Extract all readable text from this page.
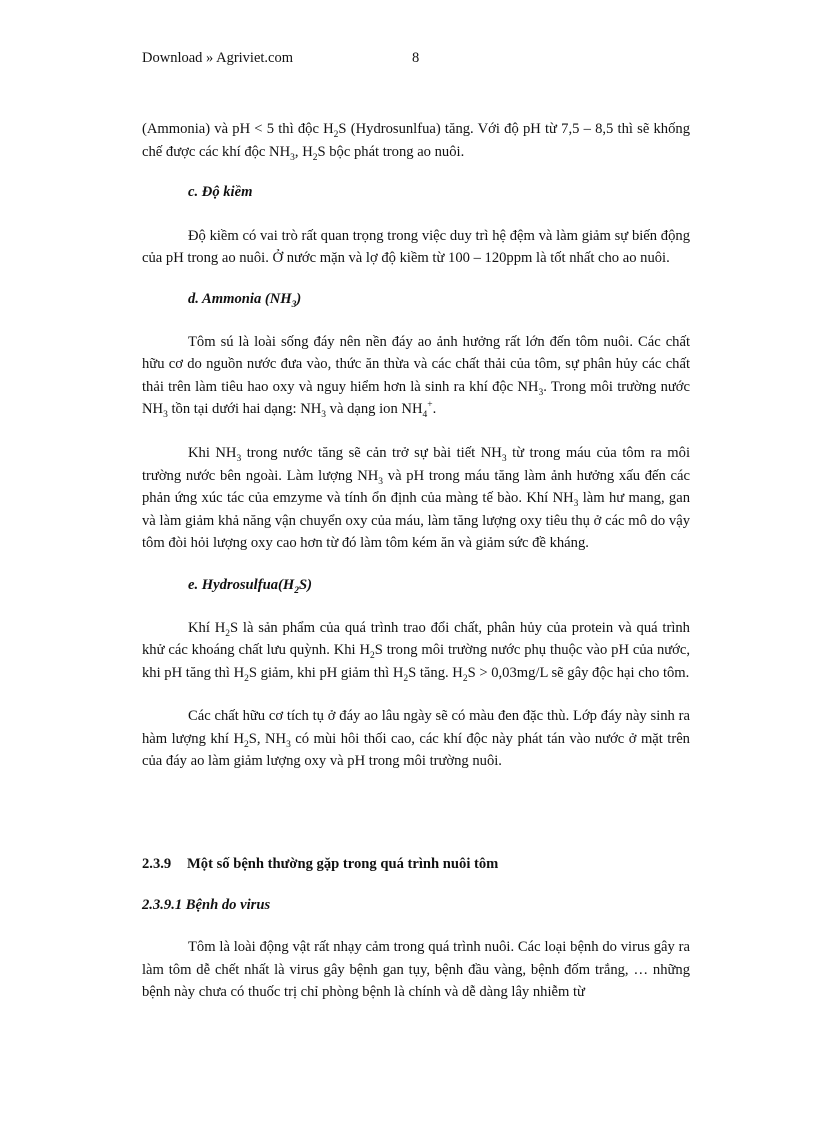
Download » Agriviet.com	8

(Ammonia) và pH < 5 thì độc $H_2S$ (Hydrosunlfua) tăng. Với độ pH từ 7,5 – 8,5 thì sẽ khống chế được các khí độc $NH_3$, $H_2S$ bộc phát trong ao nuôi.

c. Độ kiềm

Độ kiềm có vai trò rất quan trọng trong việc duy trì hệ đệm và làm giảm sự biến động của pH trong ao nuôi. Ở nước mặn và lợ độ kiềm từ 100 – 120ppm là tốt nhất cho ao nuôi.

d. Ammonia $(NH_3)$

Tôm sú là loài sống đáy nên nền đáy ao ảnh hưởng rất lớn đến tôm nuôi. Các chất hữu cơ do nguồn nước đưa vào, thức ăn thừa và các chất thải của tôm, sự phân hủy các chất thải trên làm tiêu hao oxy và nguy hiểm hơn là sinh ra khí độc $NH_3$. Trong môi trường nước $NH_3$ tồn tại dưới hai dạng: $NH_3$ và dạng ion $NH_4^+$.

Khi $NH_3$ trong nước tăng sẽ cản trở sự bài tiết $NH_3$ từ trong máu của tôm ra môi trường nước bên ngoài. Làm lượng $NH_3$ và pH trong máu tăng làm ảnh hưởng xấu đến các phản ứng xúc tác của emzyme và tính ổn định của màng tế bào. Khí $NH_3$ làm hư mang, gan và làm giảm khả năng vận chuyển oxy của máu, làm tăng lượng oxy tiêu thụ ở các mô do vậy tôm đòi hỏi lượng oxy cao hơn từ đó làm tôm kém ăn và giảm sức đề kháng.

e. $Hydrosulfua(H_2S)$

Khí $H_2S$ là sản phẩm của quá trình trao đổi chất, phân hủy của protein và quá trình khử các khoáng chất lưu quỳnh. Khi $H_2S$ trong môi trường nước phụ thuộc vào pH của nước, khi pH tăng thì $H_2S$ giảm, khi pH giảm thì $H_2S$ tăng. $H_2S > 0,03mg/L$ sẽ gây độc hại cho tôm.

Các chất hữu cơ tích tụ ở đáy ao lâu ngày sẽ có màu đen đặc thù. Lớp đáy này sinh ra hàm lượng khí $H_2S$, $NH_3$ có mùi hôi thối cao, các khí độc này phát tán vào nước ở mặt trên của đáy ao làm giảm lượng oxy và pH trong môi trường nuôi.

2.3.9 Một số bệnh thường gặp trong quá trình nuôi tôm

2.3.9.1 Bệnh do virus

Tôm là loài động vật rất nhạy cảm trong quá trình nuôi. Các loại bệnh do virus gây ra làm tôm dễ chết nhất là virus gây bệnh gan tụy, bệnh đầu vàng, bệnh đốm trắng, … những bệnh này chưa có thuốc trị chỉ phòng bệnh là chính và dễ dàng lây nhiễm từ
